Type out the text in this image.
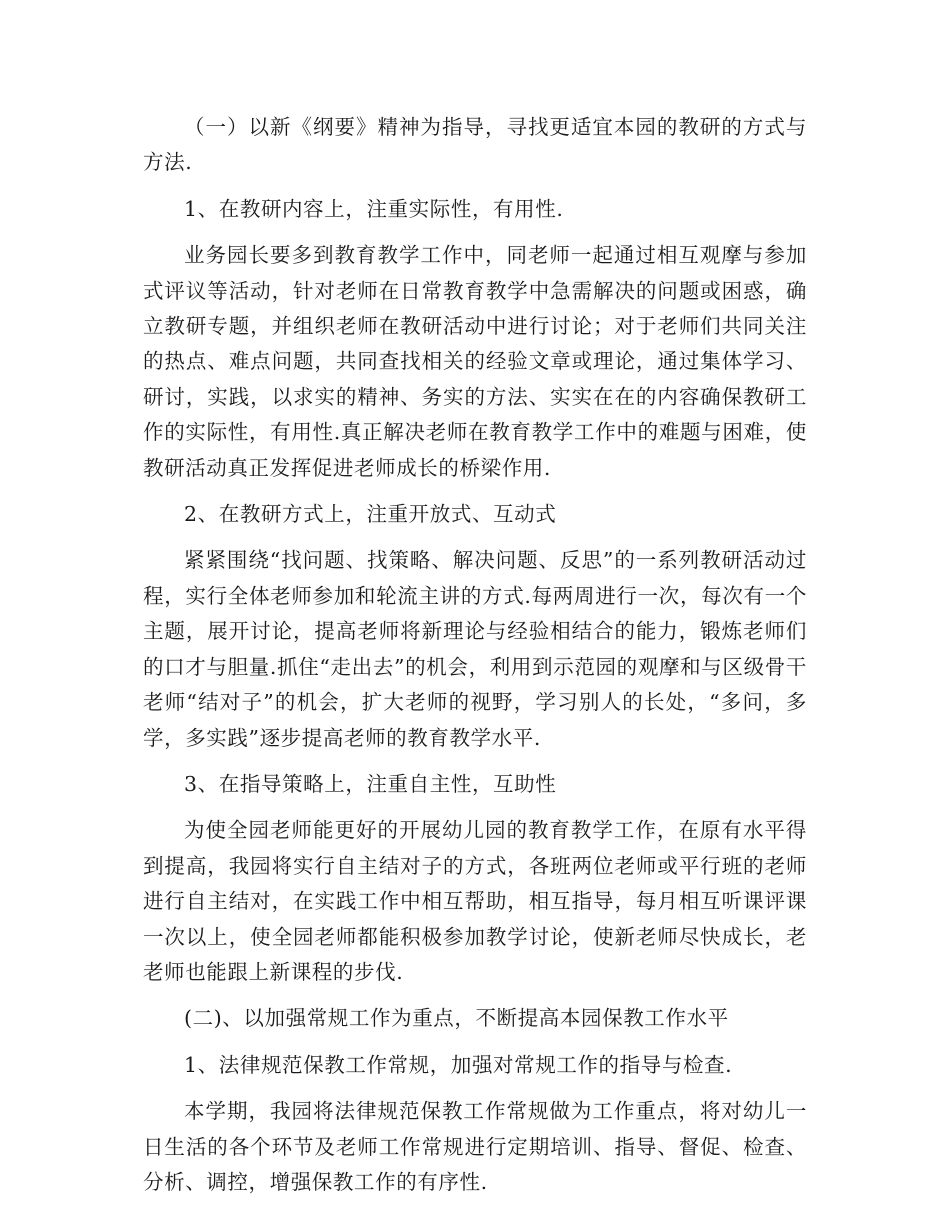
（一）以新《纲要》精神为指导，寻找更适宜本园的教研的方式与方法.

1、在教研内容上，注重实际性，有用性.

业务园长要多到教育教学工作中，同老师一起通过相互观摩与参加式评议等活动，针对老师在日常教育教学中急需解决的问题或困惑，确立教研专题，并组织老师在教研活动中进行讨论；对于老师们共同关注的热点、难点问题，共同查找相关的经验文章或理论，通过集体学习、研讨，实践，以求实的精神、务实的方法、实实在在的内容确保教研工作的实际性，有用性.真正解决老师在教育教学工作中的难题与困难，使教研活动真正发挥促进老师成长的桥梁作用.

2、在教研方式上，注重开放式、互动式

紧紧围绕“找问题、找策略、解决问题、反思”的一系列教研活动过程，实行全体老师参加和轮流主讲的方式.每两周进行一次，每次有一个主题，展开讨论，提高老师将新理论与经验相结合的能力，锻炼老师们的口才与胆量.抓住“走出去”的机会，利用到示范园的观摩和与区级骨干老师“结对子”的机会，扩大老师的视野，学习别人的长处，“多问，多学，多实践”逐步提高老师的教育教学水平.

3、在指导策略上，注重自主性，互助性

为使全园老师能更好的开展幼儿园的教育教学工作，在原有水平得到提高，我园将实行自主结对子的方式，各班两位老师或平行班的老师进行自主结对，在实践工作中相互帮助，相互指导，每月相互听课评课一次以上，使全园老师都能积极参加教学讨论，使新老师尽快成长，老老师也能跟上新课程的步伐.

(二)、以加强常规工作为重点，不断提高本园保教工作水平

1、法律规范保教工作常规，加强对常规工作的指导与检查.

本学期，我园将法律规范保教工作常规做为工作重点，将对幼儿一日生活的各个环节及老师工作常规进行定期培训、指导、督促、检查、分析、调控，增强保教工作的有序性.
